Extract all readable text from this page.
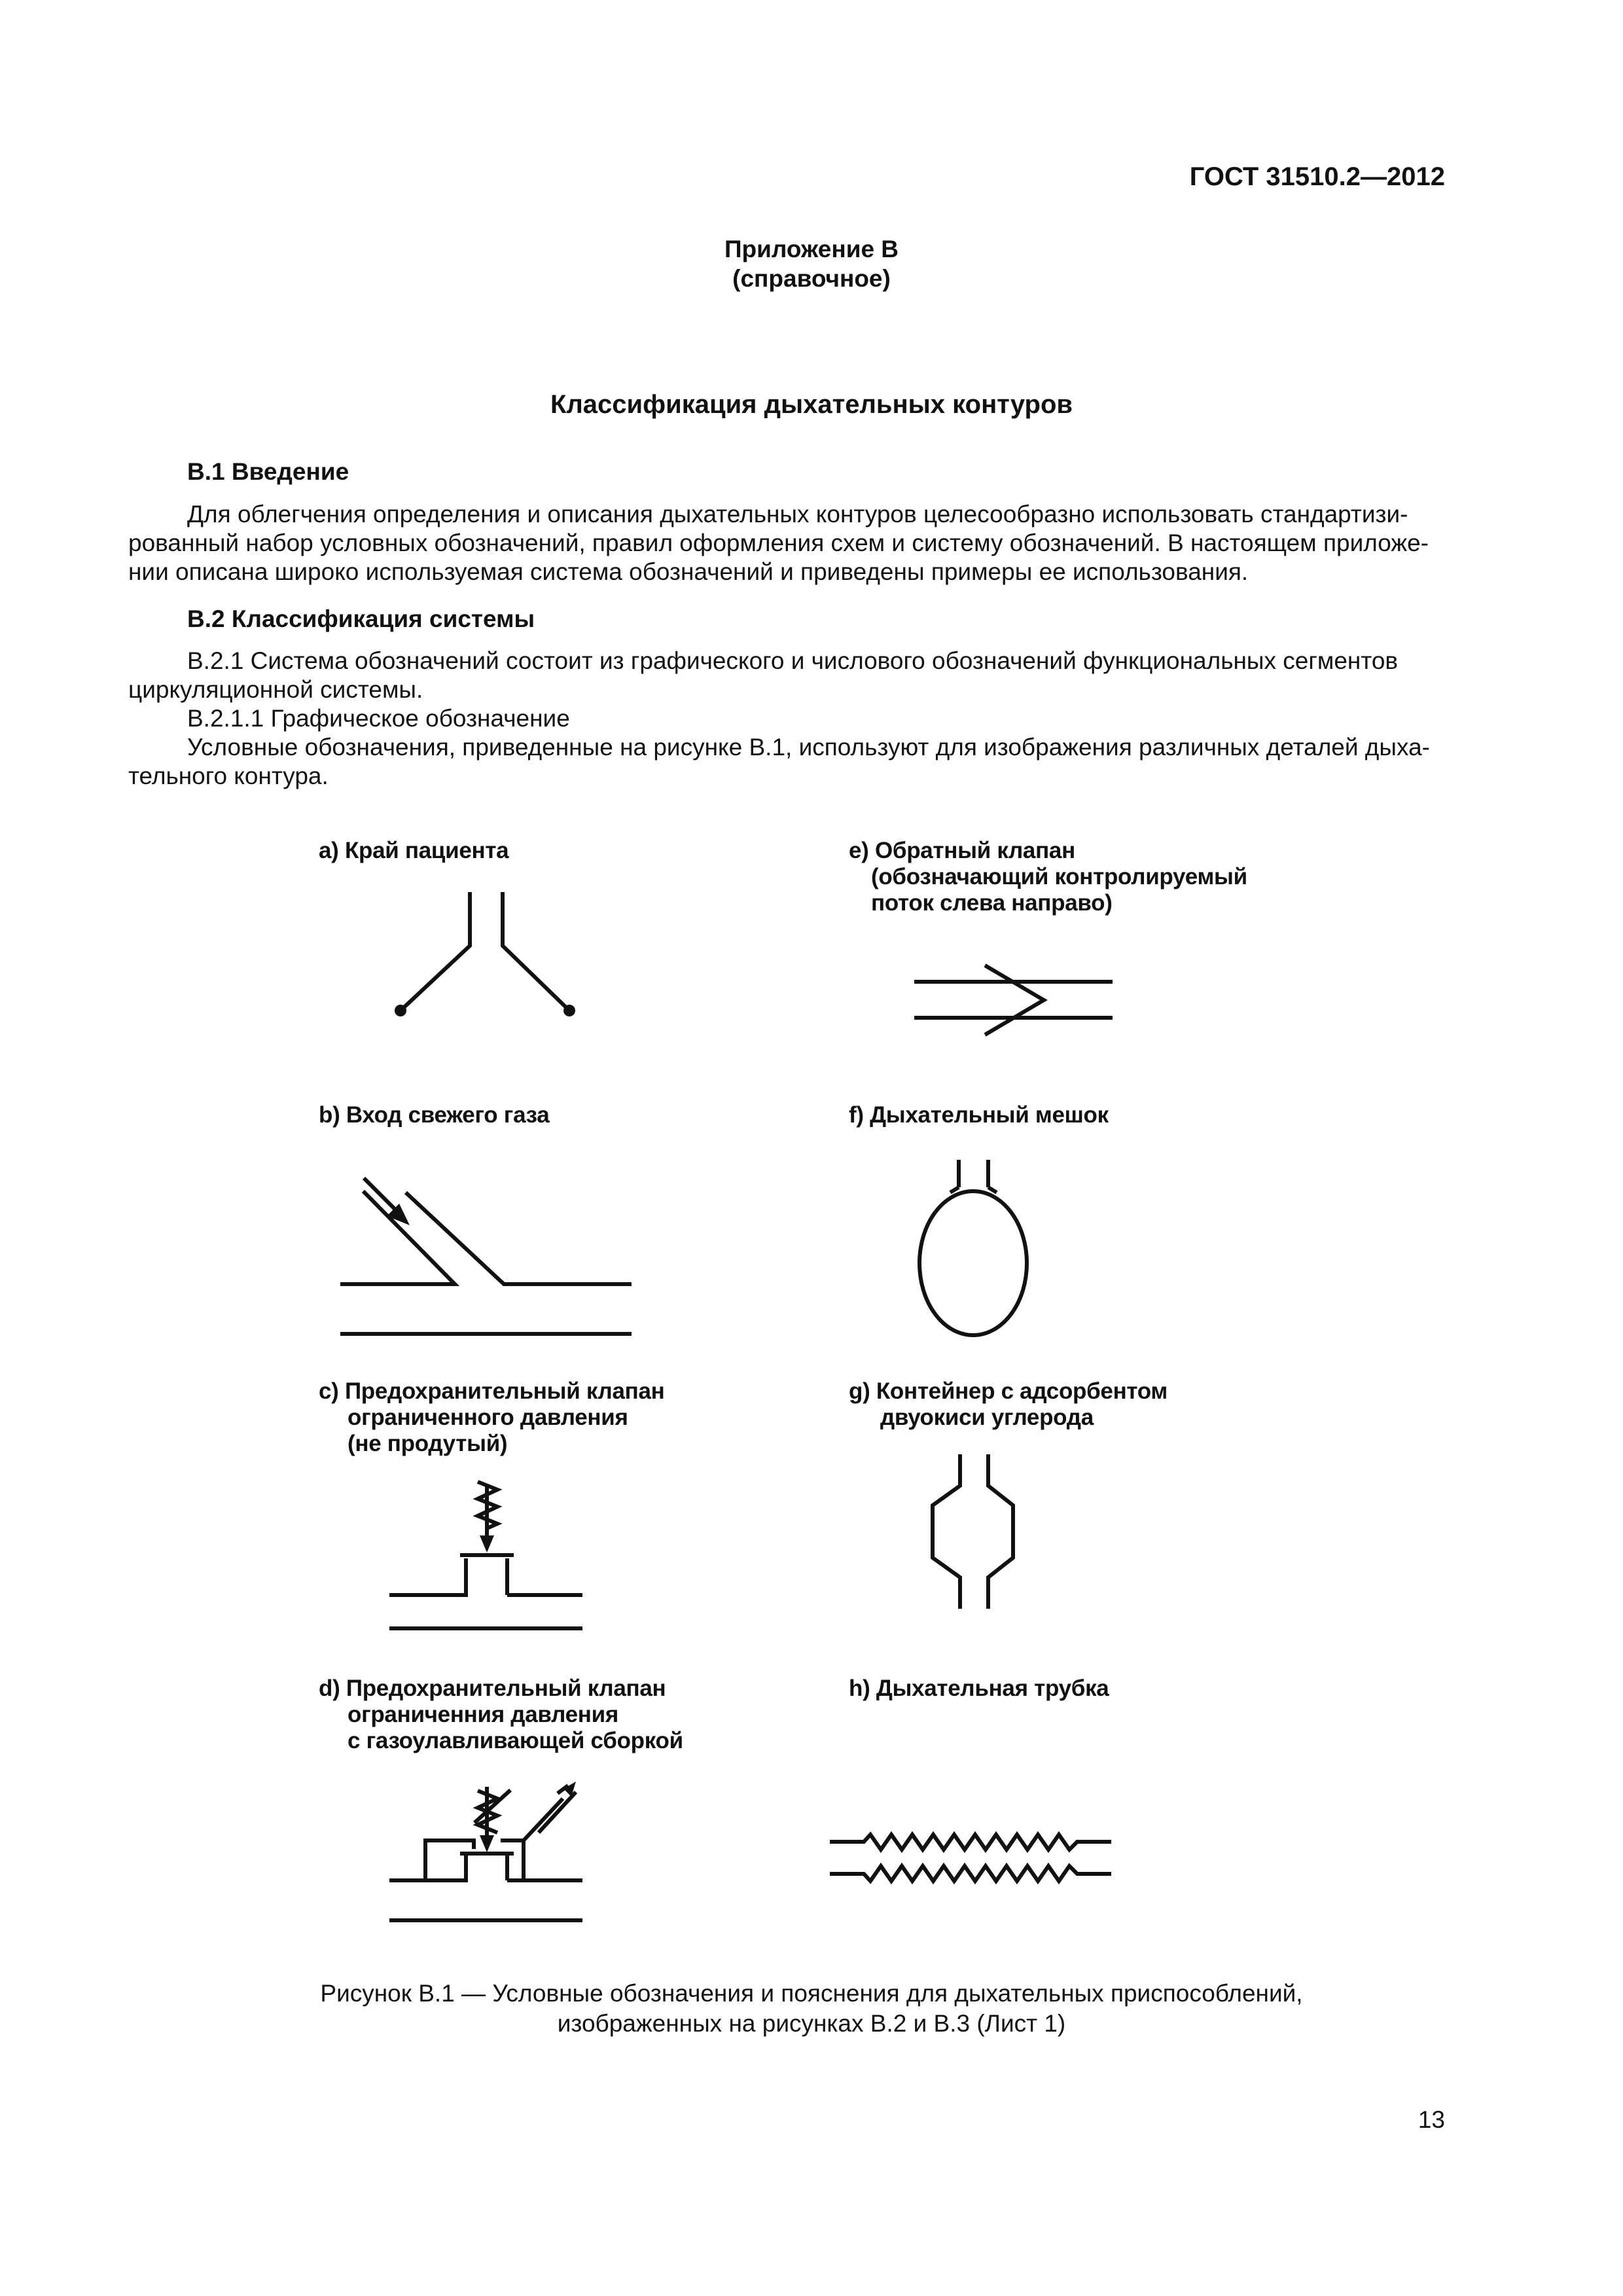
ГОСТ 31510.2—2012
Приложение В
(справочное)
Классификация дыхательных контуров
В.1 Введение
Для облегчения определения и описания дыхательных контуров целесообразно использовать стандартизи-
рованный набор условных обозначений, правил оформления схем и систему обозначений. В настоящем приложе-
нии описана широко используемая система обозначений и приведены примеры ее использования.
В.2 Классификация системы
В.2.1 Система обозначений состоит из графического и числового обозначений функциональных сегментов
циркуляционной системы.
В.2.1.1 Графическое обозначение
Условные обозначения, приведенные на рисунке В.1, используют для изображения различных деталей дыха-
тельного контура.
а) Край пациента	e) Обратный клапан
(обозначающий контролируемый
поток слева направо)
b) Вход свежего газа	f) Дыхательный мешок
c) Предохранительный клапан
ограниченного давления
(не продутый)
g) Контейнер с адсорбентом
двуокиси углерода
d) Предохранительный клапан
ограниченния давления
с газоулавливающей сборкой
h) Дыхательная трубка
Рисунок В.1 — Условные обозначения и пояснения для дыхательных приспособлений,
изображенных на рисунках В.2 и В.3 (Лист 1)
13
